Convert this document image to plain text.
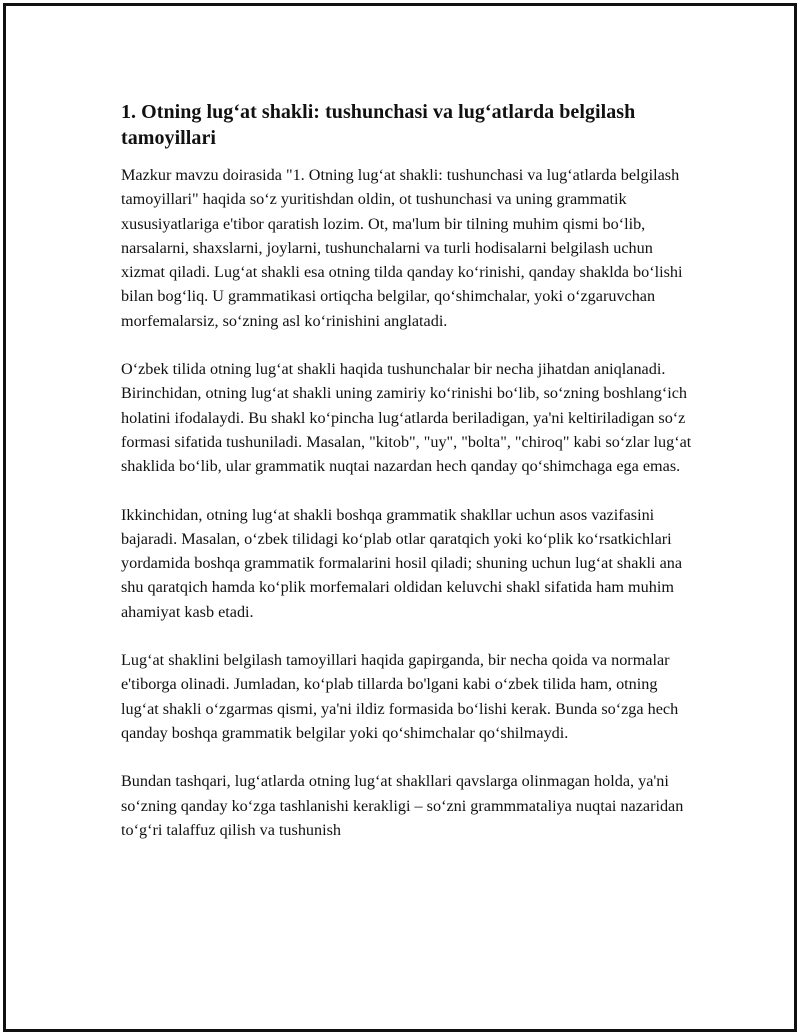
1. Otning lug‘at shakli: tushunchasi va lug‘atlarda belgilash tamoyillari

Mazkur mavzu doirasida "1. Otning lug‘at shakli: tushunchasi va lug‘atlarda belgilash tamoyillari" haqida so‘z yuritishdan oldin, ot tushunchasi va uning grammatik xususiyatlariga e'tibor qaratish lozim. Ot, ma'lum bir tilning muhim qismi bo‘lib, narsalarni, shaxslarni, joylarni, tushunchalarni va turli hodisalarni belgilash uchun xizmat qiladi. Lug‘at shakli esa otning tilda qanday ko‘rinishi, qanday shaklda bo‘lishi bilan bog‘liq. U grammatikasi ortiqcha belgilar, qo‘shimchalar, yoki o‘zgaruvchan morfemalarsiz, so‘zning asl ko‘rinishini anglatadi.

O‘zbek tilida otning lug‘at shakli haqida tushunchalar bir necha jihatdan aniqlanadi. Birinchidan, otning lug‘at shakli uning zamiriy ko‘rinishi bo‘lib, so‘zning boshlang‘ich holatini ifodalaydi. Bu shakl ko‘pincha lug‘atlarda beriladigan, ya'ni keltiriladigan so‘z formasi sifatida tushuniladi. Masalan, "kitob", "uy", "bolta", "chiroq" kabi so‘zlar lug‘at shaklida bo‘lib, ular grammatik nuqtai nazardan hech qanday qo‘shimchaga ega emas.

Ikkinchidan, otning lug‘at shakli boshqa grammatik shakllar uchun asos vazifasini bajaradi. Masalan, o‘zbek tilidagi ko‘plab otlar qaratqich yoki ko‘plik ko‘rsatkichlari yordamida boshqa grammatik formalarini hosil qiladi; shuning uchun lug‘at shakli ana shu qaratqich hamda ko‘plik morfemalari oldidan keluvchi shakl sifatida ham muhim ahamiyat kasb etadi.

Lug‘at shaklini belgilash tamoyillari haqida gapirganda, bir necha qoida va normalar e'tiborga olinadi. Jumladan, ko‘plab tillarda bo'lgani kabi o‘zbek tilida ham, otning lug‘at shakli o‘zgarmas qismi, ya'ni ildiz formasida bo‘lishi kerak. Bunda so‘zga hech qanday boshqa grammatik belgilar yoki qo‘shimchalar qo‘shilmaydi.

Bundan tashqari, lug‘atlarda otning lug‘at shakllari qavslarga olinmagan holda, ya'ni so‘zning qanday ko‘zga tashlanishi kerakligi – so‘zni grammmataliya nuqtai nazaridan to‘g‘ri talaffuz qilish va tushunish
